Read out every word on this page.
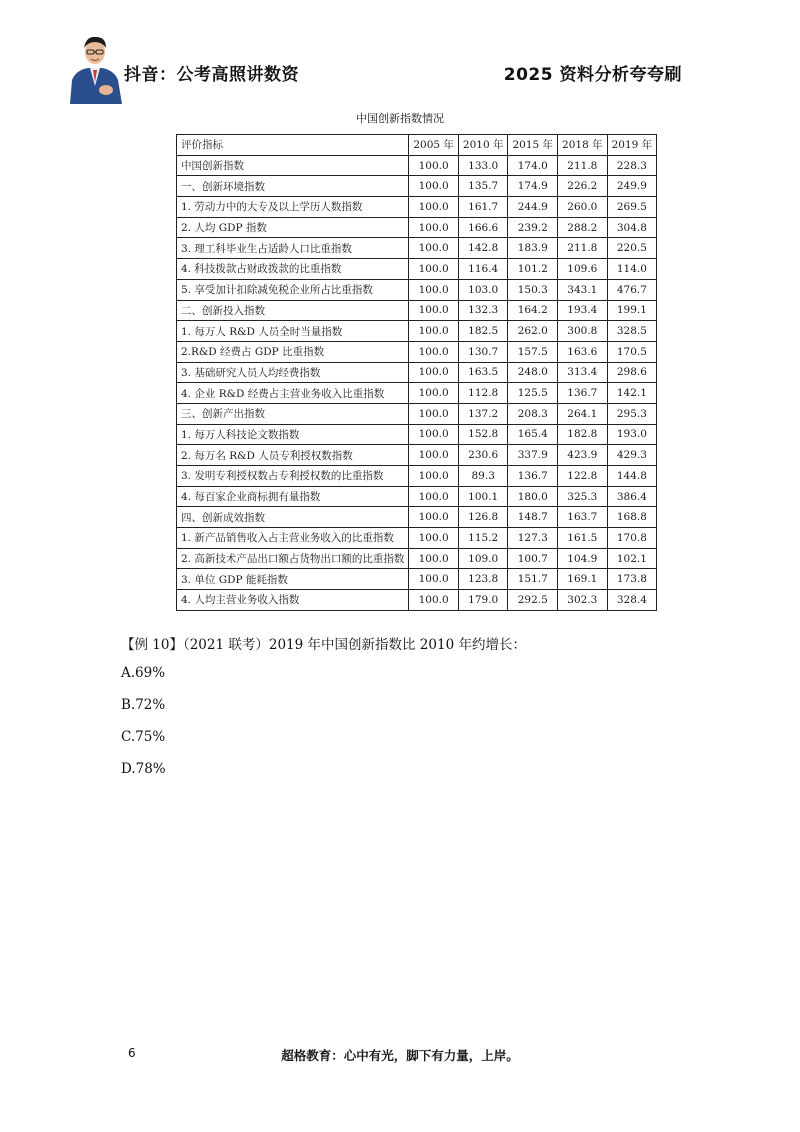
抖音：公考高照讲数资	2025 资料分析夸夸刷
中国创新指数情况
评价指标	2005 年	2010 年	2015 年	2018 年	2019 年
中国创新指数	100.0	133.0	174.0	211.8	228.3
一、创新环境指数	100.0	135.7	174.9	226.2	249.9
1. 劳动力中的大专及以上学历人数指数	100.0	161.7	244.9	260.0	269.5
2. 人均 GDP 指数	100.0	166.6	239.2	288.2	304.8
3. 理工科毕业生占适龄人口比重指数	100.0	142.8	183.9	211.8	220.5
4. 科技拨款占财政拨款的比重指数	100.0	116.4	101.2	109.6	114.0
5. 享受加计扣除减免税企业所占比重指数	100.0	103.0	150.3	343.1	476.7
二、创新投入指数	100.0	132.3	164.2	193.4	199.1
1. 每万人 R&D 人员全时当量指数	100.0	182.5	262.0	300.8	328.5
2.R&D 经费占 GDP 比重指数	100.0	130.7	157.5	163.6	170.5
3. 基础研究人员人均经费指数	100.0	163.5	248.0	313.4	298.6
4. 企业 R&D 经费占主营业务收入比重指数	100.0	112.8	125.5	136.7	142.1
三、创新产出指数	100.0	137.2	208.3	264.1	295.3
1. 每万人科技论文数指数	100.0	152.8	165.4	182.8	193.0
2. 每万名 R&D 人员专利授权数指数	100.0	230.6	337.9	423.9	429.3
3. 发明专利授权数占专利授权数的比重指数	100.0	89.3	136.7	122.8	144.8
4. 每百家企业商标拥有量指数	100.0	100.1	180.0	325.3	386.4
四、创新成效指数	100.0	126.8	148.7	163.7	168.8
1. 新产品销售收入占主营业务收入的比重指数	100.0	115.2	127.3	161.5	170.8
2. 高新技术产品出口额占货物出口额的比重指数	100.0	109.0	100.7	104.9	102.1
3. 单位 GDP 能耗指数	100.0	123.8	151.7	169.1	173.8
4. 人均主营业务收入指数	100.0	179.0	292.5	302.3	328.4
【例 10】（2021 联考）2019 年中国创新指数比 2010 年约增长：
A.69%
B.72%
C.75%
D.78%
6	超格教育：心中有光，脚下有力量，上岸。
